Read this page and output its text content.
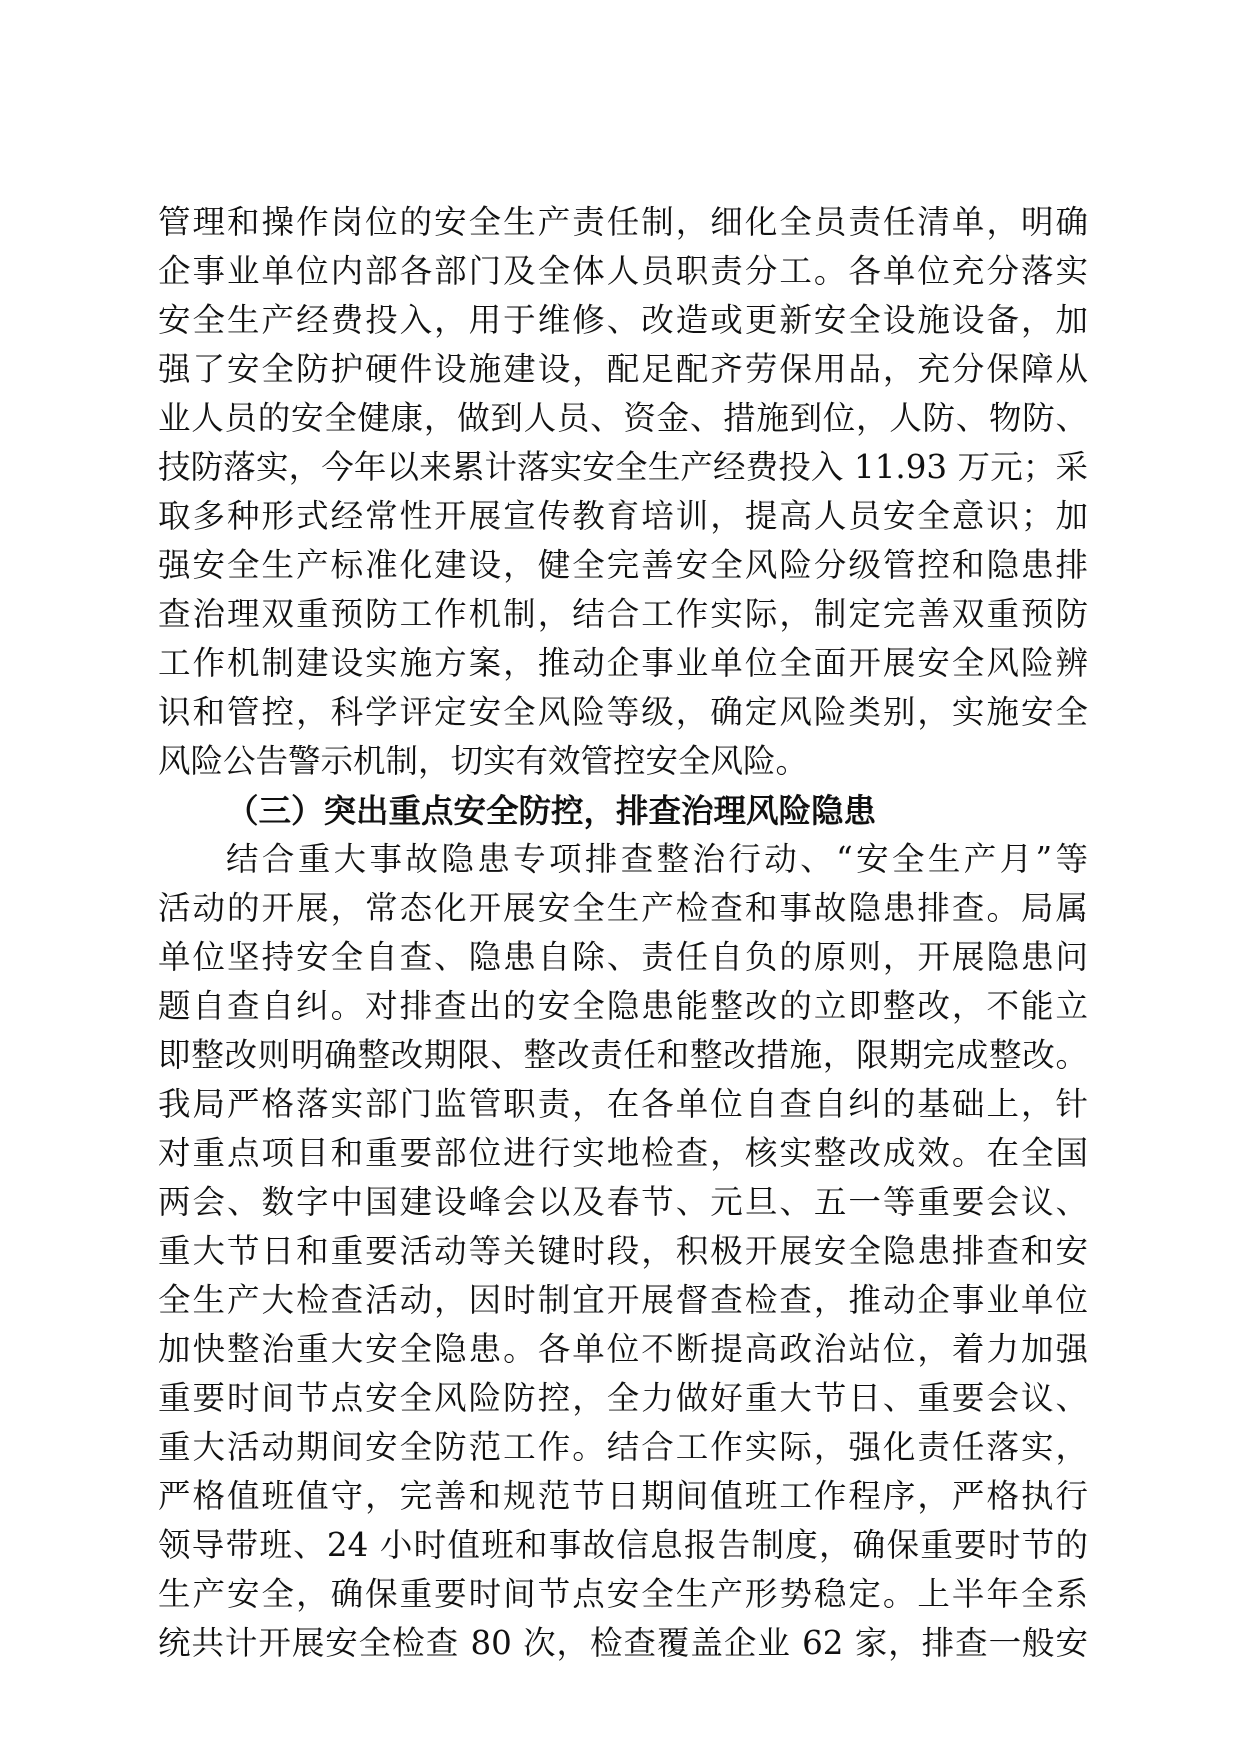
管理和操作岗位的安全生产责任制，细化全员责任清单，明确
企事业单位内部各部门及全体人员职责分工。各单位充分落实
安全生产经费投入，用于维修、改造或更新安全设施设备，加
强了安全防护硬件设施建设，配足配齐劳保用品，充分保障从
业人员的安全健康，做到人员、资金、措施到位，人防、物防、
技防落实，今年以来累计落实安全生产经费投入 11.93 万元；采
取多种形式经常性开展宣传教育培训，提高人员安全意识；加
强安全生产标准化建设，健全完善安全风险分级管控和隐患排
查治理双重预防工作机制，结合工作实际，制定完善双重预防
工作机制建设实施方案，推动企事业单位全面开展安全风险辨
识和管控，科学评定安全风险等级，确定风险类别，实施安全
风险公告警示机制，切实有效管控安全风险。
（三）突出重点安全防控，排查治理风险隐患
结合重大事故隐患专项排查整治行动、“安全生产月”等
活动的开展，常态化开展安全生产检查和事故隐患排查。局属
单位坚持安全自查、隐患自除、责任自负的原则，开展隐患问
题自查自纠。对排查出的安全隐患能整改的立即整改，不能立
即整改则明确整改期限、整改责任和整改措施，限期完成整改。
我局严格落实部门监管职责，在各单位自查自纠的基础上，针
对重点项目和重要部位进行实地检查，核实整改成效。在全国
两会、数字中国建设峰会以及春节、元旦、五一等重要会议、
重大节日和重要活动等关键时段，积极开展安全隐患排查和安
全生产大检查活动，因时制宜开展督查检查，推动企事业单位
加快整治重大安全隐患。各单位不断提高政治站位，着力加强
重要时间节点安全风险防控，全力做好重大节日、重要会议、
重大活动期间安全防范工作。结合工作实际，强化责任落实，
严格值班值守，完善和规范节日期间值班工作程序，严格执行
领导带班、24 小时值班和事故信息报告制度，确保重要时节的
生产安全，确保重要时间节点安全生产形势稳定。上半年全系
统共计开展安全检查 80 次，检查覆盖企业 62 家，排查一般安
